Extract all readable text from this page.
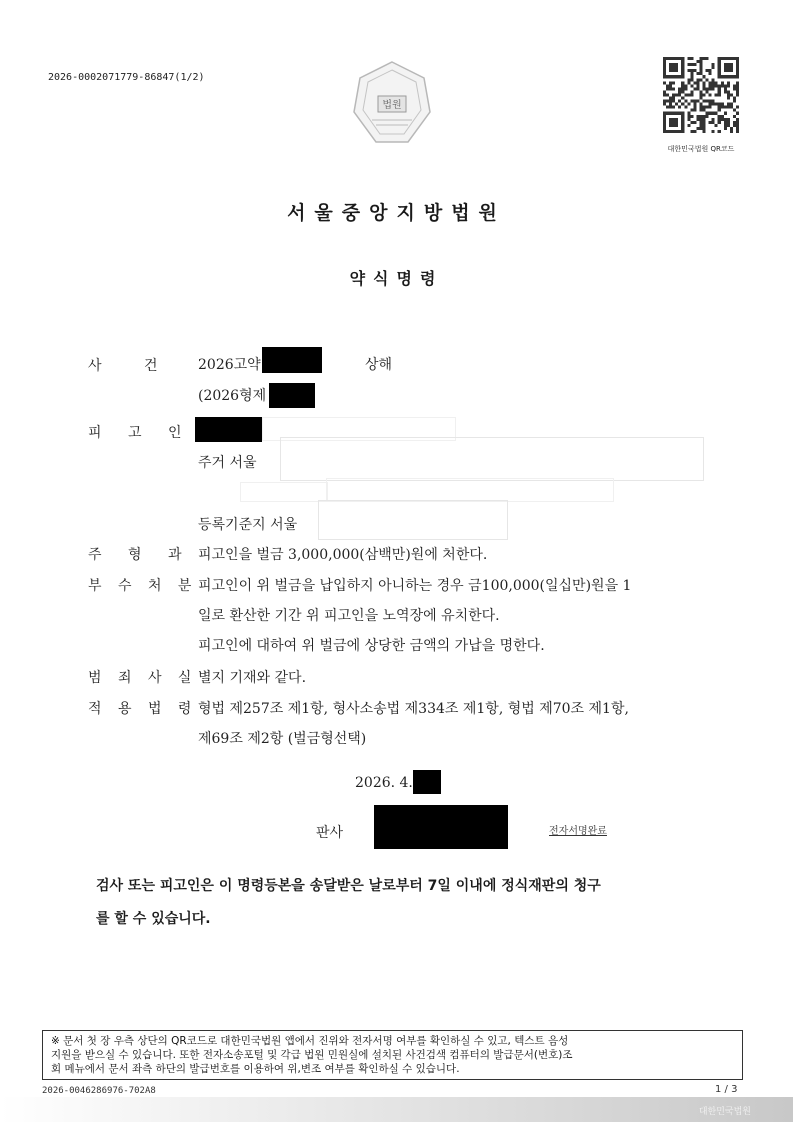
2026-0002071779-86847(1/2)
법원
대한민국법원 QR코드
서울중앙지방법원
약식명령
사 건	2026고약	상해
(2026형제
피 고 인
주거 서울
등록기준지 서울
주 형 과 피고인을 벌금 3,000,000(삼백만)원에 처한다.
부 수 처 분 피고인이 위 벌금을 납입하지 아니하는 경우 금100,000(일십만)원을 1
일로 환산한 기간 위 피고인을 노역장에 유치한다.
피고인에 대하여 위 벌금에 상당한 금액의 가납을 명한다.
범 죄 사 실 별지 기재와 같다.
적 용 법 령 형법 제257조 제1항, 형사소송법 제334조 제1항, 형법 제70조 제1항,
제69조 제2항 (벌금형선택)
2026. 4.
판사	전자서명완료
검사 또는 피고인은 이 명령등본을 송달받은 날로부터 7일 이내에 정식재판의 청구
를 할 수 있습니다.
※ 문서 첫 장 우측 상단의 QR코드로 대한민국법원 앱에서 진위와 전자서명 여부를 확인하실 수 있고, 텍스트 음성
지원을 받으실 수 있습니다. 또한 전자소송포털 및 각급 법원 민원실에 설치된 사건검색 컴퓨터의 발급문서(번호)조
회 메뉴에서 문서 좌측 하단의 발급번호를 이용하여 위,변조 여부를 확인하실 수 있습니다.
2026-0046286976-702A8	1 / 3
대한민국법원
